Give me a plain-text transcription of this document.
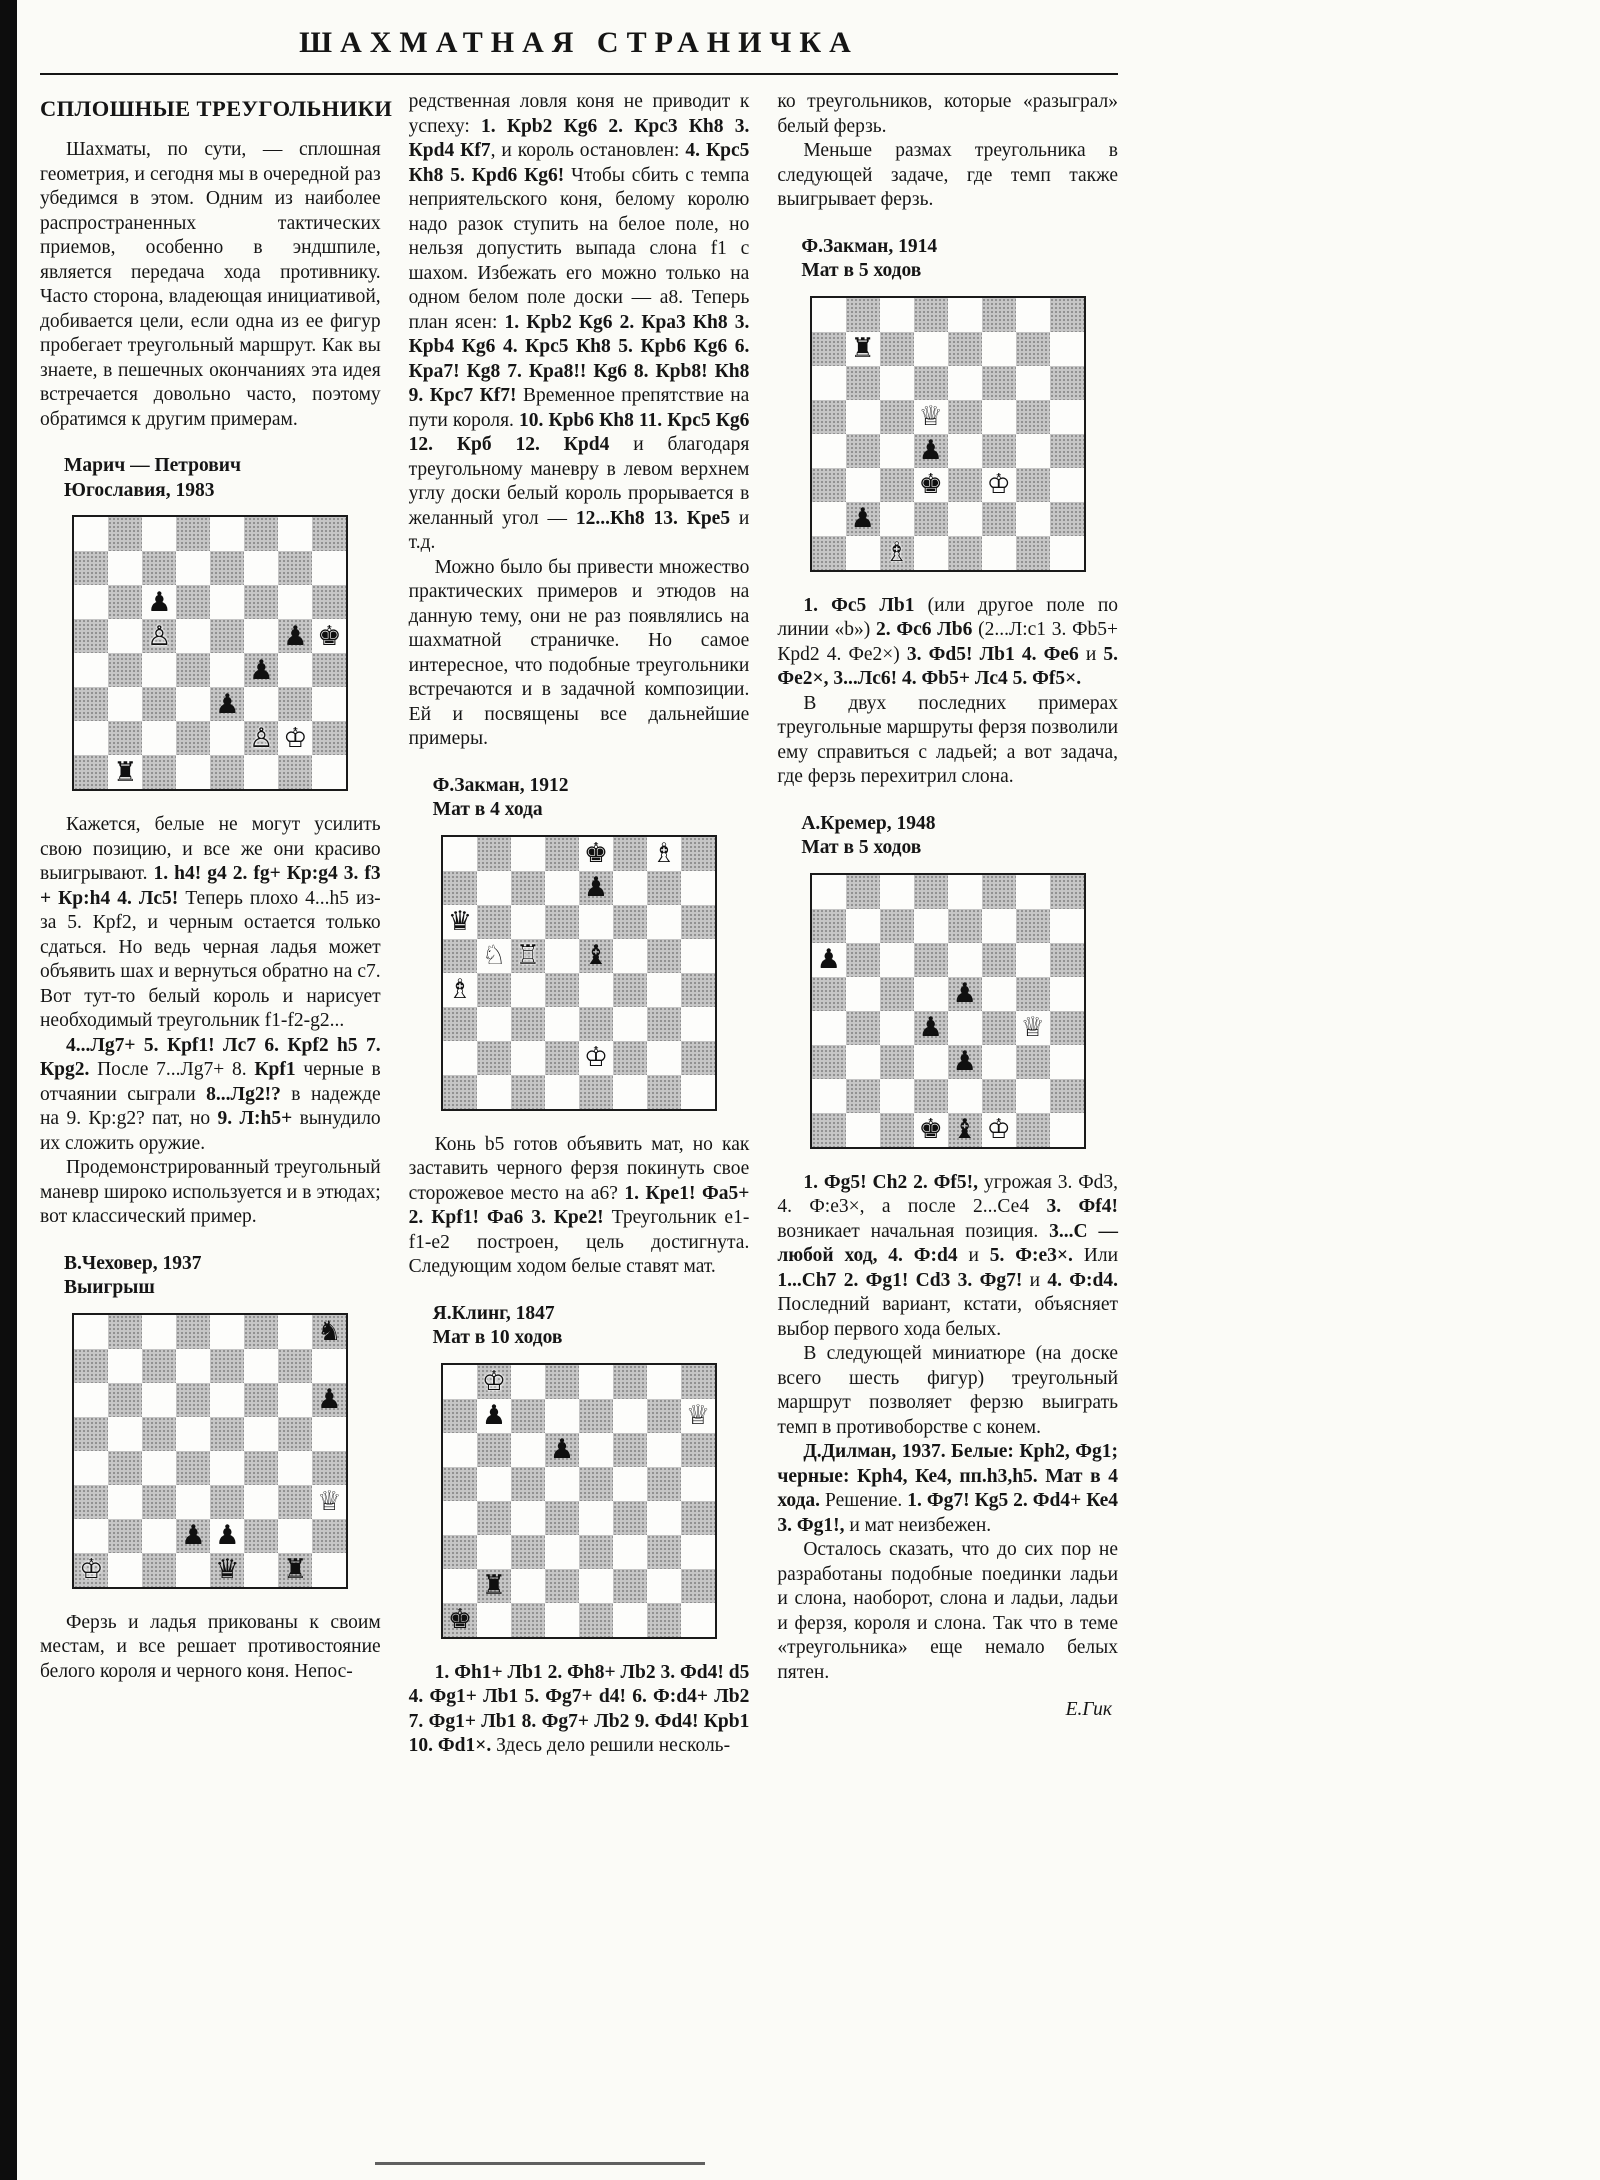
ШАХМАТНАЯ СТРАНИЧКА
СПЛОШНЫЕ ТРЕУГОЛЬНИКИ

Шахматы, по сути, — сплошная геометрия, и сегодня мы в очередной раз убедимся в этом. Одним из наиболее распространенных тактических приемов, особенно в эндшпиле, является передача хода противнику. Часто сторона, владеющая инициативой, добивается цели, если одна из ее фигур пробегает треугольный маршрут. Как вы знаете, в пешечных окончаниях эта идея встречается довольно часто, поэтому обратимся к другим примерам.

Марич — Петрович
Югославия, 1983
♟
♙	♟ ♚
♟
♟
♙ ♔
♜

Кажется, белые не могут усилить свою позицию, и все же они красиво выигрывают. 1. h4! g4 2. fg+ Кр:g4 3. f3 + Кр:h4 4. Лс5! Теперь плохо 4...h5 из-за 5. Крf2, и черным остается только сдаться. Но ведь черная ладья может объявить шах и вернуться обратно на с7. Вот тут-то белый король и нарисует необходимый треугольник f1-f2-g2...

4...Лg7+ 5. Крf1! Лс7 6. Крf2 h5 7. Крg2. После 7...Лg7+ 8. Крf1 черные в отчаянии сыграли 8...Лg2!? в надежде на 9. Кр:g2? пат, но 9. Л:h5+ вынудило их сложить оружие.

Продемонстрированный треугольный маневр широко используется и в этюдах; вот классический пример.

В.Чеховер, 1937
Выигрыш
♞
♟
♕
♟ ♟
♔	♛ ♜

Ферзь и ладья прикованы к своим местам, и все решает противостояние белого короля и черного коня. Непос-

редственная ловля коня не приводит к успеху: 1. Крb2 Кg6 2. Крс3 Кh8 3. Крd4 Кf7, и король остановлен: 4. Крс5 Кh8 5. Крd6 Кg6! Чтобы сбить с темпа неприятельского коня, белому королю надо разок ступить на белое поле, но нельзя допустить выпада слона f1 с шахом. Избежать его можно только на одном белом поле доски — а8. Теперь план ясен: 1. Крb2 Кg6 2. Кра3 Кh8 3. Крb4 Кg6 4. Крс5 Кh8 5. Крb6 Кg6 6. Кра7! Кg8 7. Кра8!! Кg6 8. Крb8! Кh8 9. Крс7 Кf7! Временное препятствие на пути короля. 10. Крb6 Кh8 11. Крс5 Кg6 12. Крб 12. Крd4 и благодаря треугольному маневру в левом верхнем углу доски белый король прорывается в желанный угол — 12...Кh8 13. Кре5 и т.д.

Можно было бы привести множество практических примеров и этюдов на данную тему, они не раз появлялись на шахматной страничке. Но самое интересное, что подобные треугольники встречаются и в задачной композиции. Ей и посвящены все дальнейшие примеры.

Ф.Закман, 1912
Мат в 4 хода
♚ ♗
♟
♛
♘ ♖ ♝
♗
♔

Конь b5 готов объявить мат, но как заставить черного ферзя покинуть свое сторожевое место на а6? 1. Кре1! Фа5+ 2. Крf1! Фа6 3. Кре2! Треугольник е1-f1-е2 построен, цель достигнута. Следующим ходом белые ставят мат.

Я.Клинг, 1847
Мат в 10 ходов
♔
♟	♕
♟
♜
♚

1. Фh1+ Лb1 2. Фh8+ Лb2 3. Фd4! d5 4. Фg1+ Лb1 5. Фg7+ d4! 6. Ф:d4+ Лb2 7. Фg1+ Лb1 8. Фg7+ Лb2 9. Фd4! Крb1 10. Фd1×. Здесь дело решили несколь-

ко треугольников, которые «разыграл» белый ферзь.

Меньше размах треугольника в следующей задаче, где темп также выигрывает ферзь.

Ф.Закман, 1914
Мат в 5 ходов
♜
♕
♟
♚ ♔
♟
♗

1. Фс5 Лb1 (или другое поле по линии «b») 2. Фс6 Лb6 (2...Л:с1 3. Фb5+ Крd2 4. Фе2×) 3. Фd5! Лb1 4. Фе6 и 5. Фе2×, 3...Лс6! 4. Фb5+ Лс4 5. Фf5×.

В двух последних примерах треугольные маршруты ферзя позволили ему справиться с ладьей; а вот задача, где ферзь перехитрил слона.

А.Кремер, 1948
Мат в 5 ходов
♟
♟
♟	♕
♟
♚ ♝ ♔

1. Фg5! Сh2 2. Фf5!, угрожая 3. Фd3, 4. Ф:е3×, а после 2...Се4 3. Фf4! возникает начальная позиция. 3...С — любой ход, 4. Ф:d4 и 5. Ф:е3×. Или 1...Сh7 2. Фg1! Сd3 3. Фg7! и 4. Ф:d4. Последний вариант, кстати, объясняет выбор первого хода белых.

В следующей миниатюре (на доске всего шесть фигур) треугольный маршрут позволяет ферзю выиграть темп в противоборстве с конем.

Д.Дилман, 1937. Белые: Крh2, Фg1; черные: Крh4, Ке4, пп.h3,h5. Мат в 4 хода. Решение. 1. Фg7! Кg5 2. Фd4+ Ке4 3. Фg1!, и мат неизбежен.

Осталось сказать, что до сих пор не разработаны подобные поединки ладьи и слона, наоборот, слона и ладьи, ладьи и ферзя, короля и слона. Так что в теме «треугольника» еще немало белых пятен.

Е.Гик
